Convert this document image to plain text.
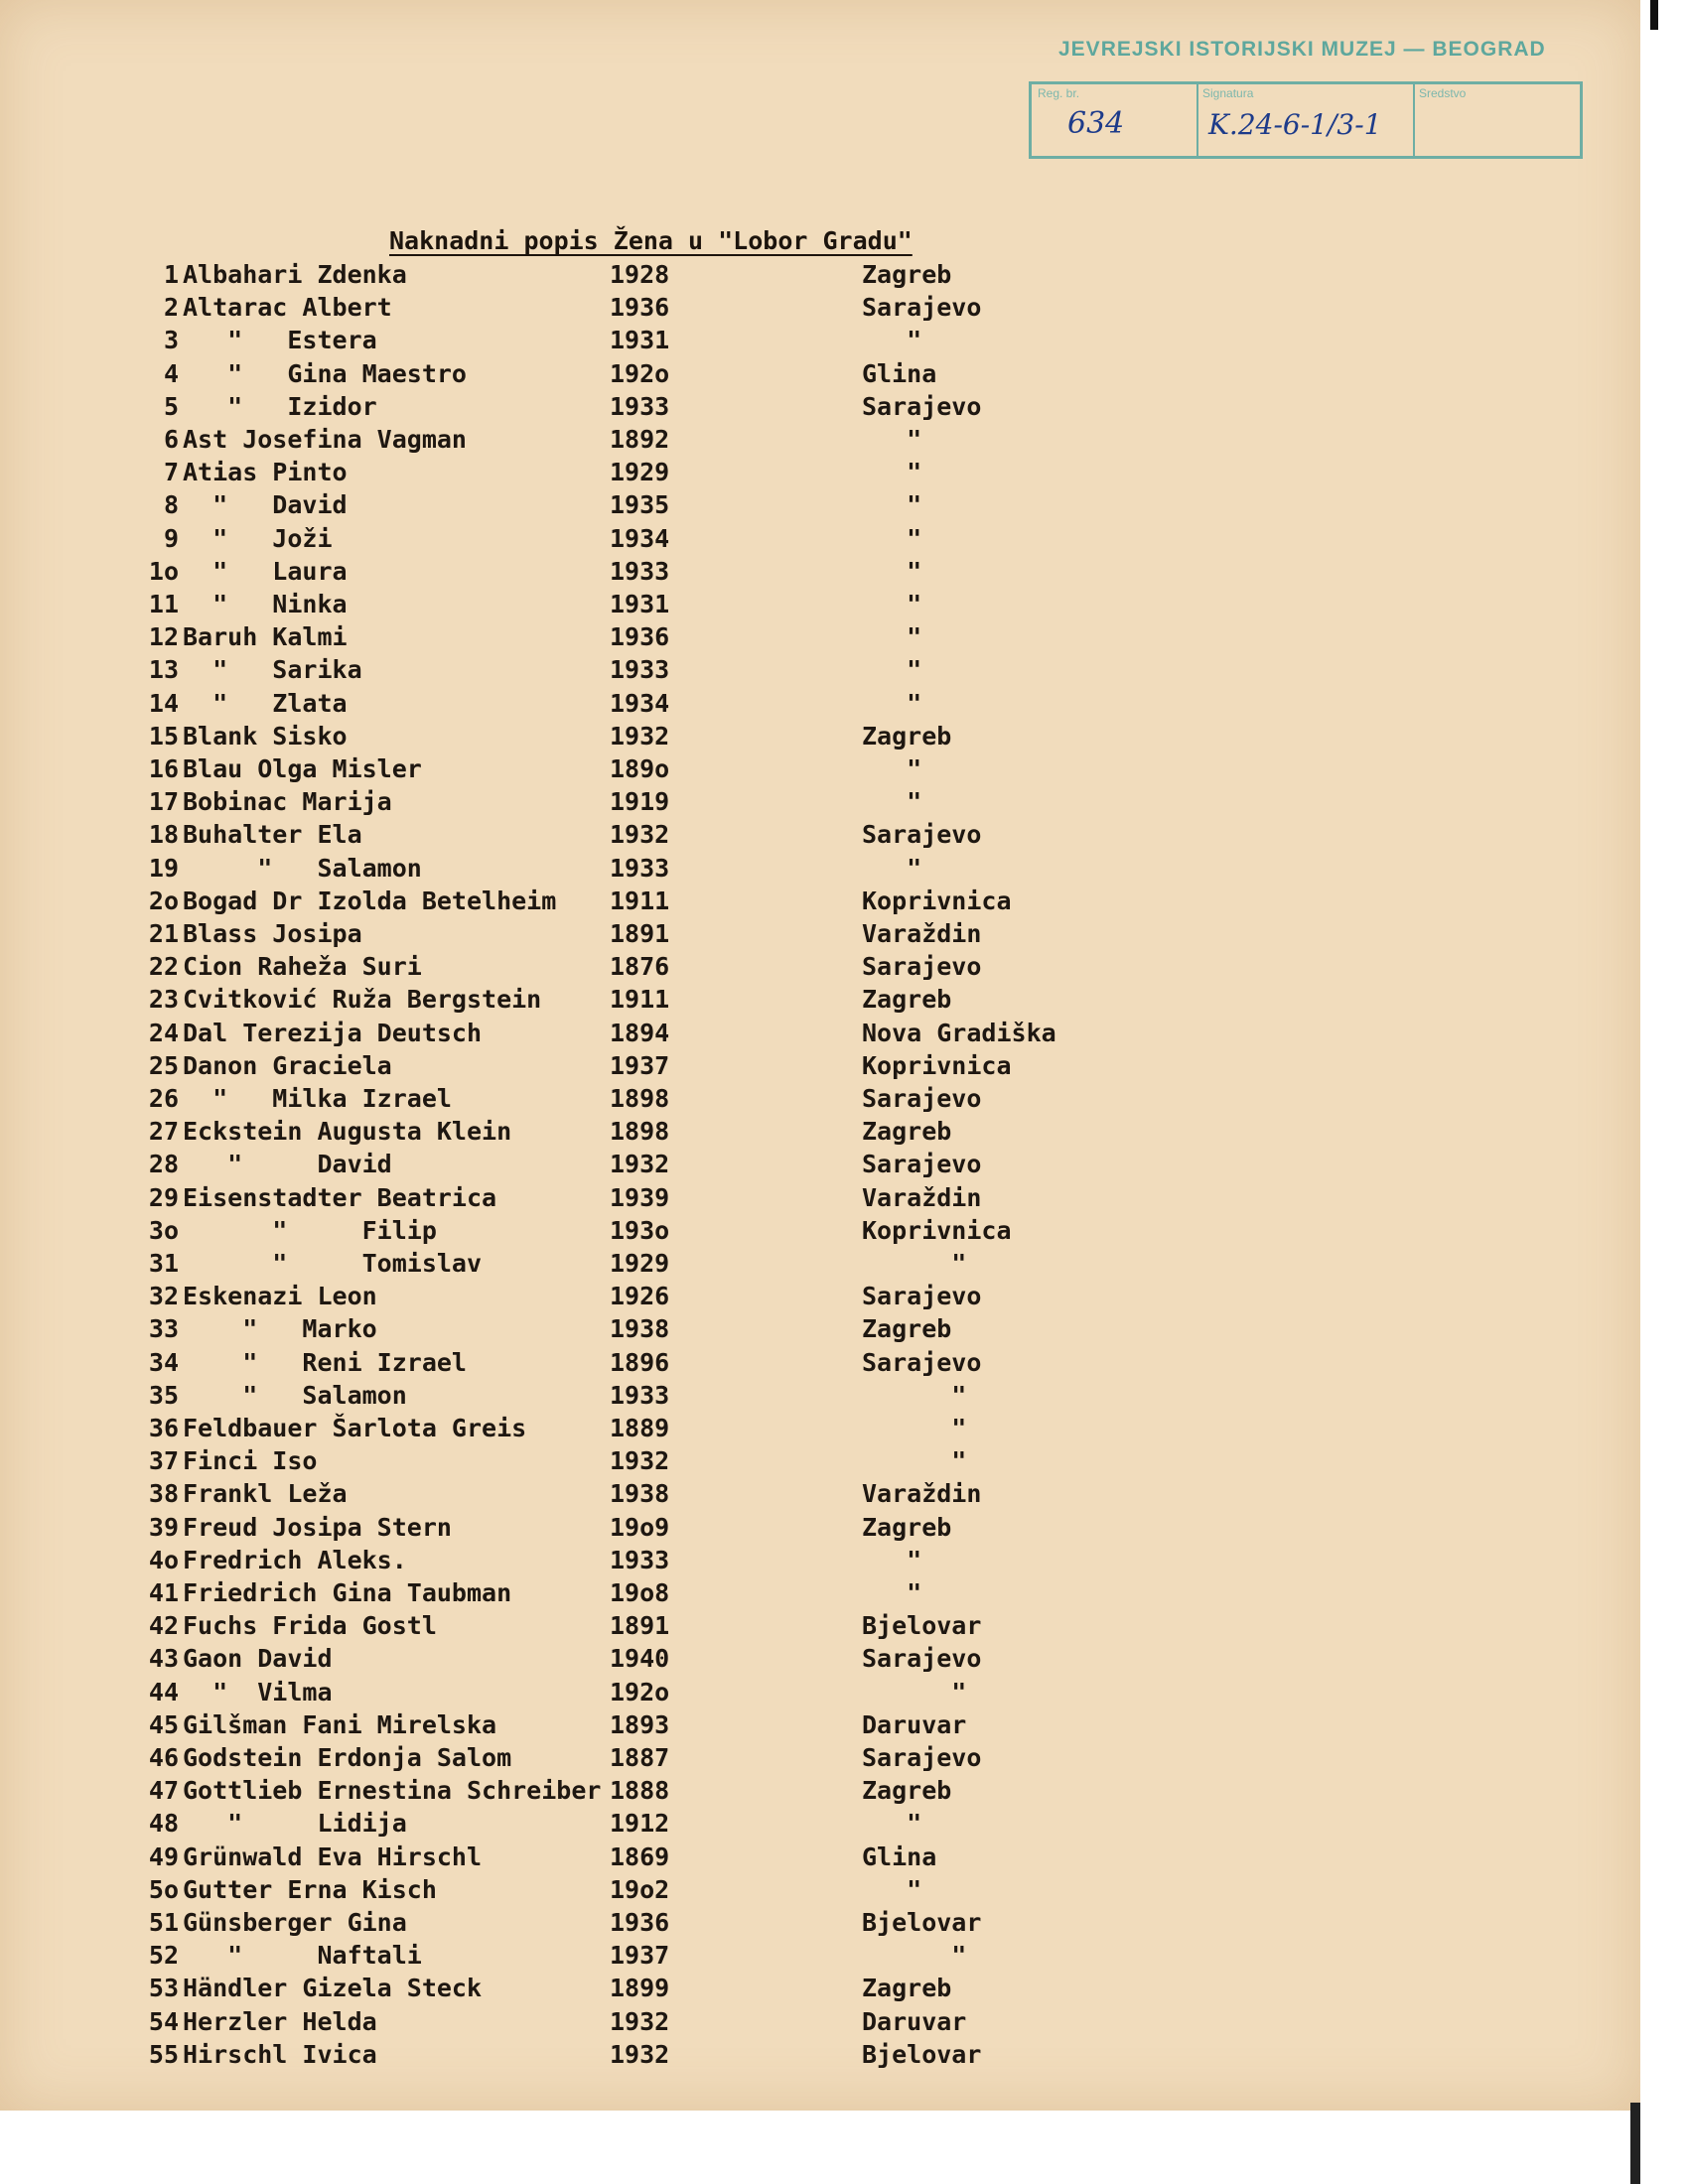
JEVREJSKI ISTORIJSKI MUZEJ — BEOGRAD
Reg. br.
634
Signatura
K.24-6-1/3-1
Sredstvo
Naknadni popis Žena u "Lobor Gradu"
1 Albahari Zdenka	1928	Zagreb
2 Altarac Albert	1936	Sarajevo
3 "   Estera	1931	"
4 "   Gina Maestro	192o	Glina
5 "   Izidor	1933	Sarajevo
6 Ast Josefina Vagman	1892	"
7 Atias Pinto	1929	"
8 "   David	1935	"
9 "   Joži	1934	"
1o "   Laura	1933	"
11 "   Ninka	1931	"
12 Baruh Kalmi	1936	"
13 "   Sarika	1933	"
14 "   Zlata	1934	"
15 Blank Sisko	1932	Zagreb
16 Blau Olga Misler	189o	"
17 Bobinac Marija	1919	"
18 Buhalter Ela	1932	Sarajevo
19 "   Salamon	1933	"
2o Bogad Dr Izolda Betelheim 1911	Koprivnica
21 Blass Josipa	1891	Varaždin
22 Cion Raheža Suri	1876	Sarajevo
23 Cvitković Ruža Bergstein	1911	Zagreb
24 Dal Terezija Deutsch	1894	Nova Gradiška
25 Danon Graciela	1937	Koprivnica
26 "   Milka Izrael	1898	Sarajevo
27 Eckstein Augusta Klein	1898	Zagreb
28 "     David	1932	Sarajevo
29 Eisenstadter Beatrica	1939	Varaždin
3o "     Filip	193o	Koprivnica
31 "     Tomislav	1929	"
32 Eskenazi Leon	1926	Sarajevo
33 "   Marko	1938	Zagreb
34 "   Reni Izrael	1896	Sarajevo
35 "   Salamon	1933	"
36 Feldbauer Šarlota Greis	1889	"
37 Finci Iso	1932	"
38 Frankl Leža	1938	Varaždin
39 Freud Josipa Stern	19o9	Zagreb
4o Fredrich Aleks.	1933	"
41 Friedrich Gina Taubman	19o8	"
42 Fuchs Frida Gostl	1891	Bjelovar
43 Gaon David	1940	Sarajevo
44 "  Vilma	192o	"
45 Gilšman Fani Mirelska	1893	Daruvar
46 Godstein Erdonja Salom	1887	Sarajevo
47 Gottlieb Ernestina Schreiber 1888	Zagreb
48 "     Lidija	1912	"
49 Grünwald Eva Hirschl	1869	Glina
5o Gutter Erna Kisch	19o2	"
51 Günsberger Gina	1936	Bjelovar
52 "     Naftali	1937	"
53 Händler Gizela Steck	1899	Zagreb
54 Herzler Helda	1932	Daruvar
55 Hirschl Ivica	1932	Bjelovar
